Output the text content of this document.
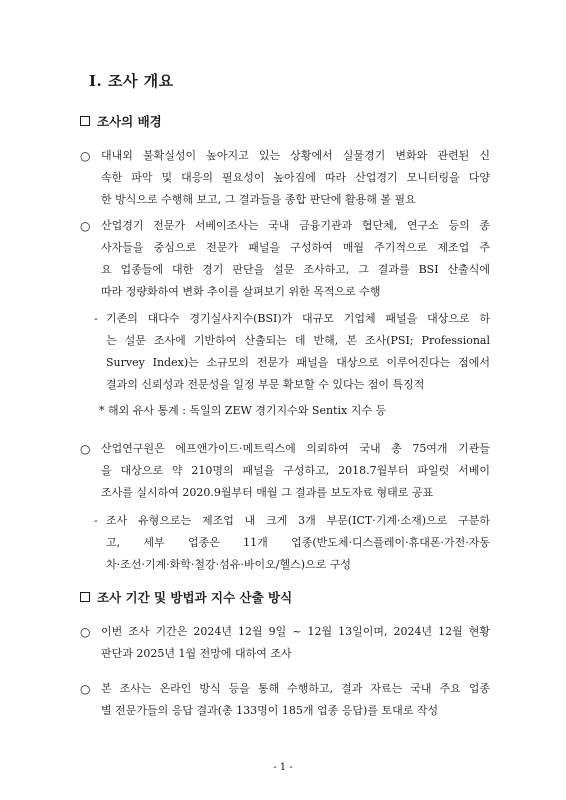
Ⅰ. 조사 개요
조사의 배경
○ 대내외 불확실성이 높아지고 있는 상황에서 실물경기 변화와 관련된 신
속한 파악 및 대응의 필요성이 높아짐에 따라 산업경기 모니터링을 다양
한 방식으로 수행해 보고, 그 결과들을 종합 판단에 활용해 볼 필요
○ 산업경기 전문가 서베이조사는 국내 금융기관과 협단체, 연구소 등의 종
사자들을 중심으로 전문가 패널을 구성하여 매월 주기적으로 제조업 주
요 업종들에 대한 경기 판단을 설문 조사하고, 그 결과를 BSI 산출식에
따라 정량화하여 변화 추이를 살펴보기 위한 목적으로 수행
- 기존의 대다수 경기실사지수(BSI)가 대규모 기업체 패널을 대상으로 하
는 설문 조사에 기반하여 산출되는 데 반해, 본 조사(PSI; Professional
Survey Index)는 소규모의 전문가 패널을 대상으로 이루어진다는 점에서
결과의 신뢰성과 전문성을 일정 부문 확보할 수 있다는 점이 특징적
* 해외 유사 통계 : 독일의 ZEW 경기지수와 Sentix 지수 등
○ 산업연구원은 에프앤가이드·메트릭스에 의뢰하여 국내 총 75여개 기관들
을 대상으로 약 210명의 패널을 구성하고, 2018.7월부터 파일럿 서베이
조사를 실시하여 2020.9월부터 매월 그 결과를 보도자료 형태로 공표
- 조사 유형으로는 제조업 내 크게 3개 부문(ICT·기계·소재)으로 구분하
고, 세부 업종은 11개 업종(반도체·디스플레이·휴대폰·가전·자동
차·조선·기계·화학·철강·섬유·바이오/헬스)으로 구성
조사 기간 및 방법과 지수 산출 방식
○ 이번 조사 기간은 2024년 12월 9일 ~ 12월 13일이며, 2024년 12월 현황
판단과 2025년 1월 전망에 대하여 조사
○ 본 조사는 온라인 방식 등을 통해 수행하고, 결과 자료는 국내 주요 업종
별 전문가들의 응답 결과(총 133명이 185개 업종 응답)를 토대로 작성
- 1 -
